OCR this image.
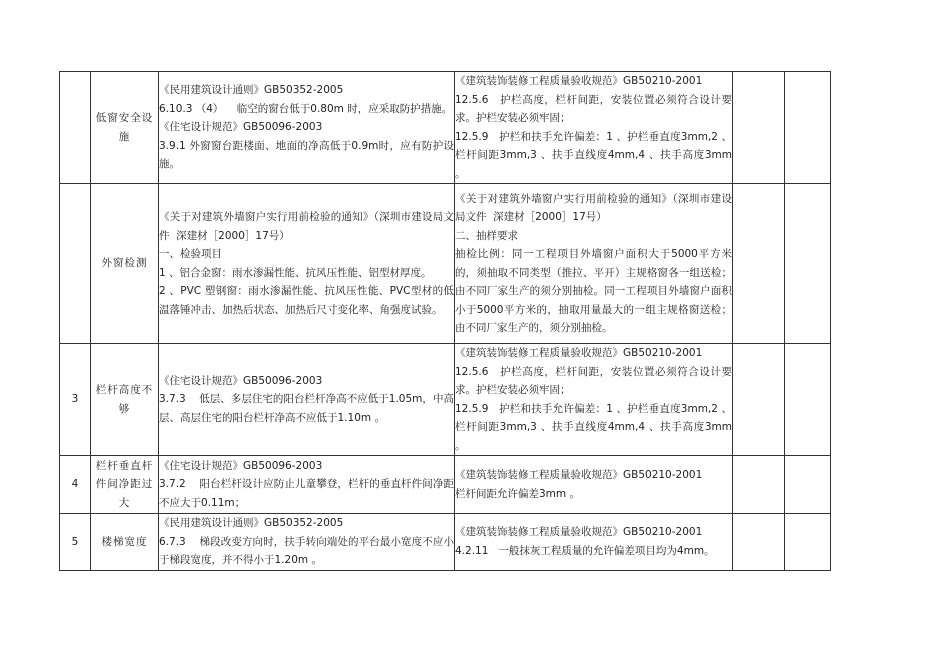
	低窗安全设施	《民用建筑设计通则》GB50352-2005
6.10.3 （4）    临空的窗台低于0.80m 时，应采取防护措施。
《住宅设计规范》GB50096-2003
3.9.1 外窗窗台距楼面、地面的净高低于0.9m时，应有防护设施。	《建筑装饰装修工程质量验收规范》GB50210-2001
12.5.6   护栏高度，栏杆间距，安装位置必须符合设计要求。护栏安装必须牢固；
12.5.9   护栏和扶手允许偏差：1 、护栏垂直度3mm,2 、栏杆间距3mm,3 、扶手直线度4mm,4 、扶手高度3mm 。		

	外窗检测	《关于对建筑外墙窗户实行用前检验的通知》（深圳市建设局文件  深建材［2000］17号）
一、检验项目
1 、铝合金窗：雨水渗漏性能、抗风压性能、铝型材厚度。
2 、PVC 塑钢窗：雨水渗漏性能、抗风压性能、PVC型材的低温落锤冲击、加热后状态、加热后尺寸变化率、角强度试验。	《关于对建筑外墙窗户实行用前检验的通知》（深圳市建设局文件  深建材［2000］17号）
二、抽样要求
抽检比例：同一工程项目外墙窗户面积大于5000平方米的，须抽取不同类型（推拉、平开）主规格窗各一组送检；由不同厂家生产的须分别抽检。同一工程项目外墙窗户面积小于5000平方米的，抽取用量最大的一组主规格窗送检；由不同厂家生产的，须分别抽检。		

3	栏杆高度不够	《住宅设计规范》GB50096-2003
3.7.3    低层、多层住宅的阳台栏杆净高不应低于1.05m，中高层、高层住宅的阳台栏杆净高不应低于1.10m 。	《建筑装饰装修工程质量验收规范》GB50210-2001
12.5.6   护栏高度，栏杆间距，安装位置必须符合设计要求。护栏安装必须牢固；
12.5.9   护栏和扶手允许偏差：1 、护栏垂直度3mm,2 、栏杆间距3mm,3 、扶手直线度4mm,4 、扶手高度3mm 。		

4	栏杆垂直杆件间净距过大	《住宅设计规范》GB50096-2003
3.7.2    阳台栏杆设计应防止儿童攀登，栏杆的垂直杆件间净距不应大于0.11m；	《建筑装饰装修工程质量验收规范》GB50210-2001
栏杆间距允许偏差3mm 。		

5	楼梯宽度	《民用建筑设计通则》GB50352-2005
6.7.3    梯段改变方向时，扶手转向端处的平台最小宽度不应小于梯段宽度，并不得小于1.20m 。	《建筑装饰装修工程质量验收规范》GB50210-2001
4.2.11   一般抹灰工程质量的允许偏差项目均为4mm。		
